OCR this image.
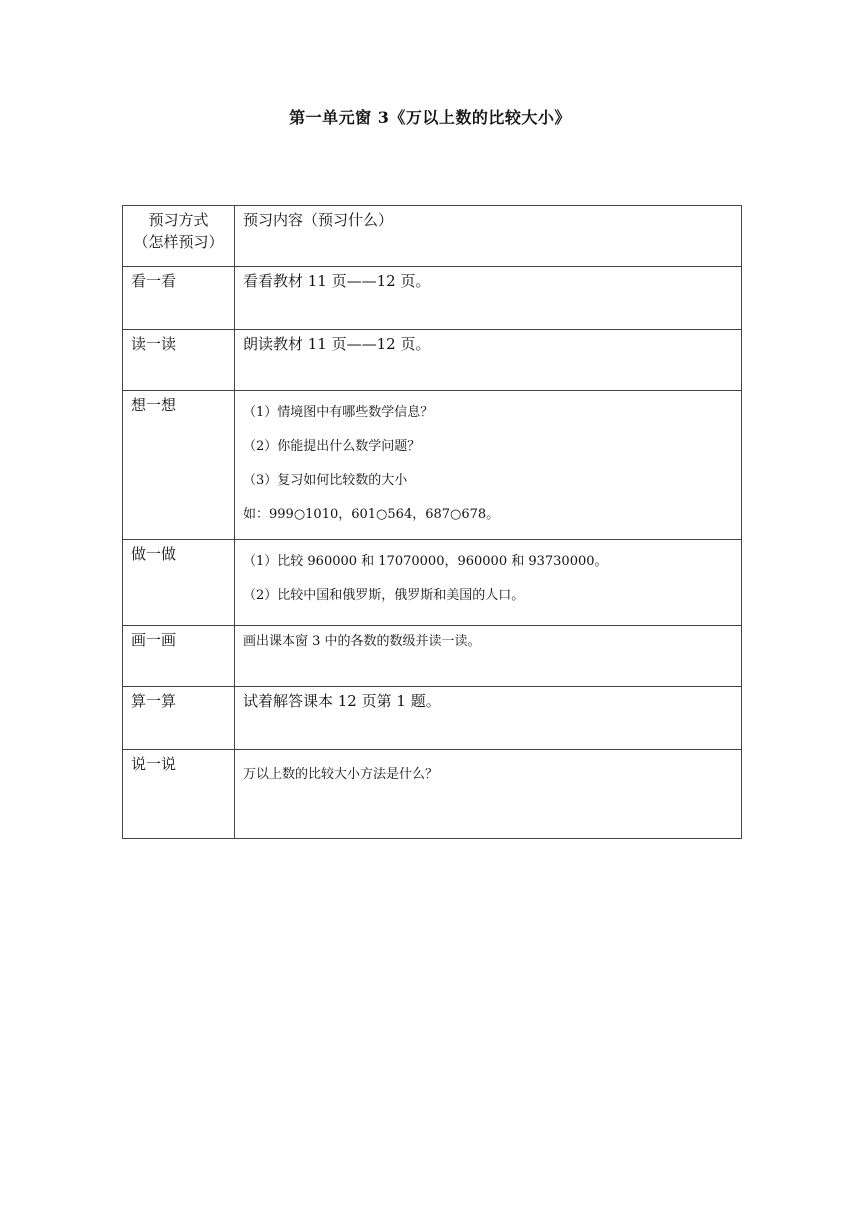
第一单元窗 3《万以上数的比较大小》
预习方式
（怎样预习）	预习内容（预习什么）

看一看	看看教材 11 页——12 页。

读一读	朗读教材 11 页——12 页。

想一想	（1）情境图中有哪些数学信息？
（2）你能提出什么数学问题？
（3）复习如何比较数的大小
如：999○1010，601○564，687○678。

做一做	（1）比较 960000 和 17070000，960000 和 93730000。
（2）比较中国和俄罗斯，俄罗斯和美国的人口。

画一画	画出课本窗 3 中的各数的数级并读一读。

算一算	试着解答课本 12 页第 1 题。

说一说	万以上数的比较大小方法是什么？
